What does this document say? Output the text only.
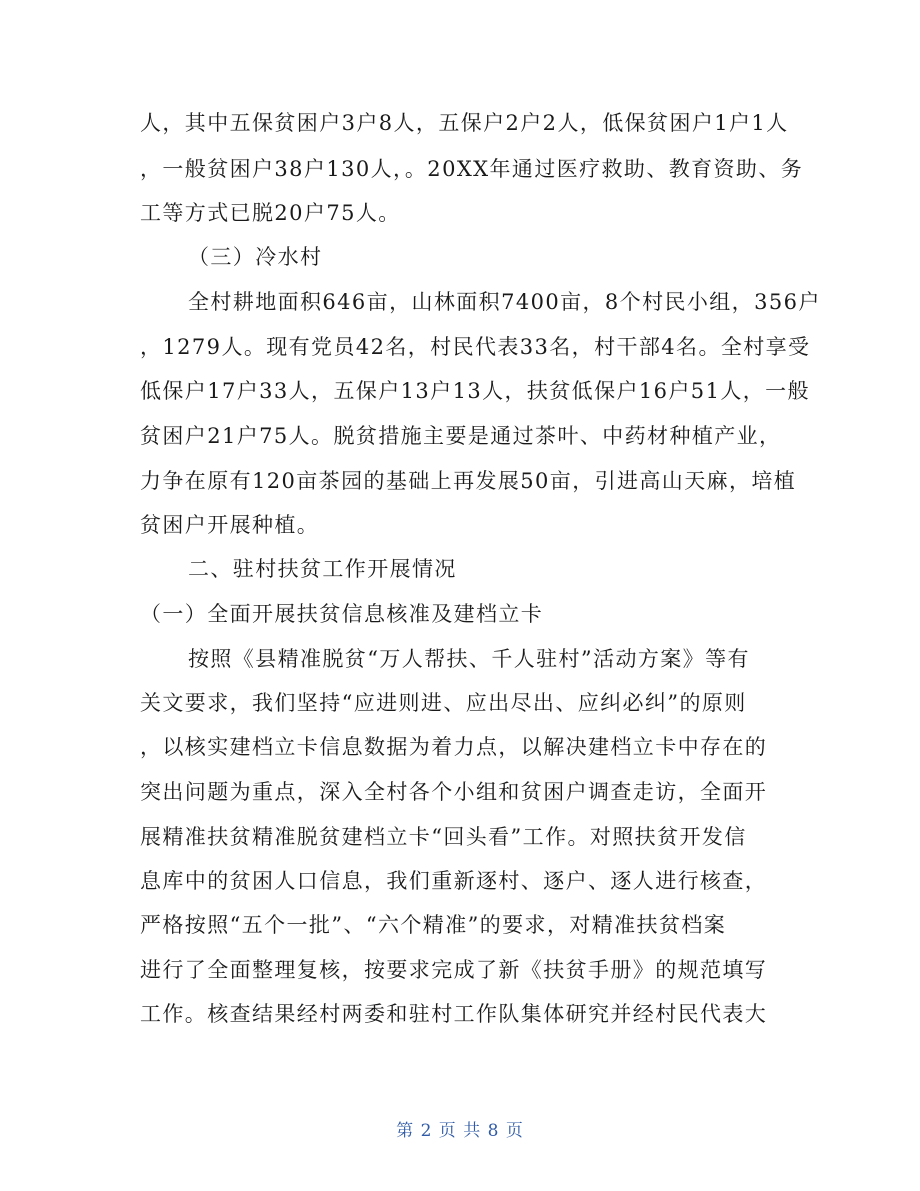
人，其中五保贫困户3户8人，五保户2户2人，低保贫困户1户1人
，一般贫困户38户130人，。20XX年通过医疗救助、教育资助、务
工等方式已脱20户75人。
（三）冷水村
全村耕地面积646亩，山林面积7400亩，8个村民小组，356户
，1279人。现有党员42名，村民代表33名，村干部4名。全村享受
低保户17户33人，五保户13户13人，扶贫低保户16户51人，一般
贫困户21户75人。脱贫措施主要是通过茶叶、中药材种植产业，
力争在原有120亩茶园的基础上再发展50亩，引进高山天麻，培植
贫困户开展种植。
二、驻村扶贫工作开展情况
（一）全面开展扶贫信息核准及建档立卡
按照《县精准脱贫“万人帮扶、千人驻村”活动方案》等有
关文要求，我们坚持“应进则进、应出尽出、应纠必纠”的原则
，以核实建档立卡信息数据为着力点，以解决建档立卡中存在的
突出问题为重点，深入全村各个小组和贫困户调查走访，全面开
展精准扶贫精准脱贫建档立卡“回头看”工作。对照扶贫开发信
息库中的贫困人口信息，我们重新逐村、逐户、逐人进行核查，
严格按照“五个一批”、“六个精准”的要求，对精准扶贫档案
进行了全面整理复核，按要求完成了新《扶贫手册》的规范填写
工作。核查结果经村两委和驻村工作队集体研究并经村民代表大
第 2 页 共 8 页
